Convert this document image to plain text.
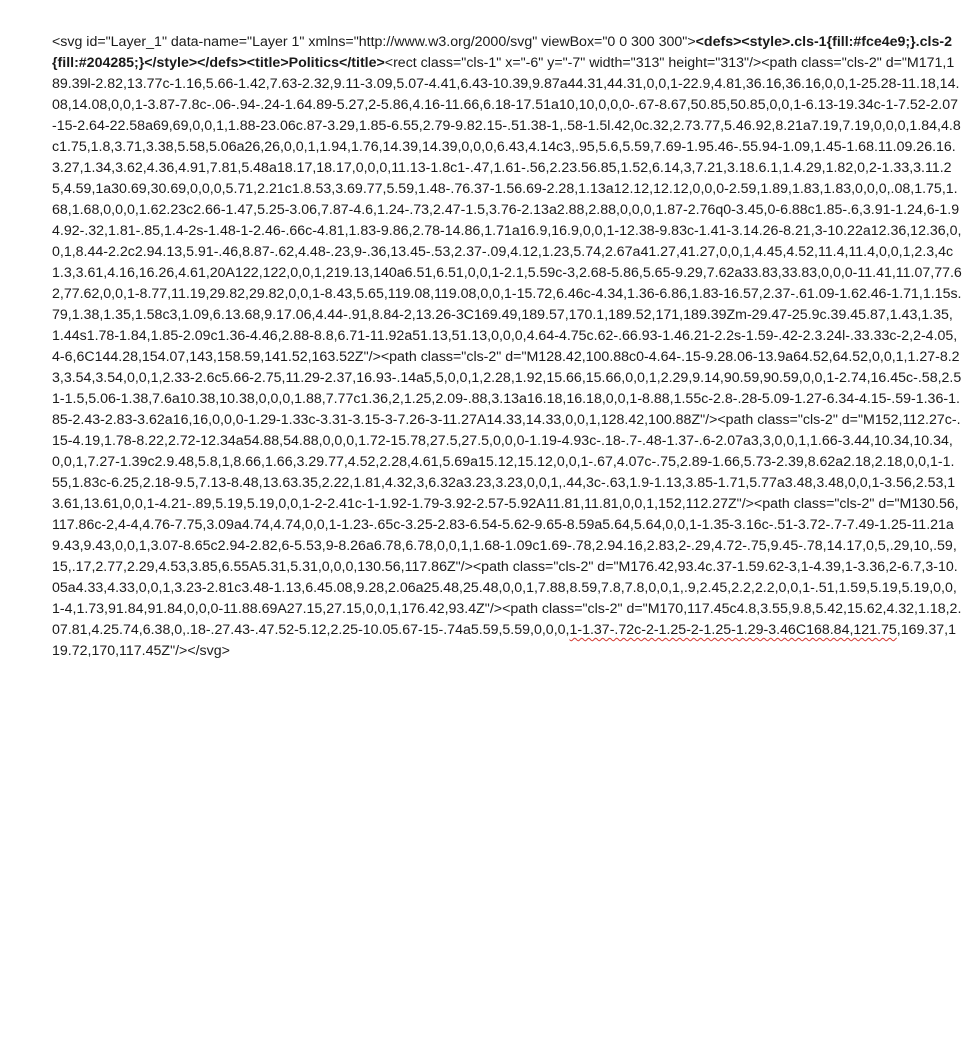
<svg id="Layer_1" data-name="Layer 1" xmlns="http://www.w3.org/2000/svg" viewBox="0 0 300 300"><defs><style>.cls-1{fill:#fce4e9;}.cls-2{fill:#204285;}</style></defs><title>Politics</title><rect class="cls-1" x="-6" y="-7" width="313" height="313"/><path class="cls-2" d="M171,189.39l-2.82,13.77c-1.16,5.66-1.42,7.63-2.32,9.11-3.09,5.07-4.41,6.43-10.39,9.87a44.31,44.31,0,0,1-22.9,4.81,36.16,36.16,0,0,1-25.28-11.18,14.08,14.08,0,0,1-3.87-7.8c-.06-.94-.24-1.64.89-5.27,2-5.86,4.16-11.66,6.18-17.51a10,10,0,0,0-.67-8.67,50.85,50.85,0,0,1-6.13-19.34c-1-7.52-2.07-15-2.64-22.58a69,69,0,0,1,1.88-23.06c.87-3.29,1.85-6.55,2.79-9.82.15-.51.38-1,.58-1.5l.42,0c.32,2.73.77,5.46.92,8.21a7.19,7.19,0,0,0,1.84,4.8c1.75,1.8,3.71,3.38,5.58,5.06a26,26,0,0,1,1.94,1.76,14.39,14.39,0,0,0,6.43,4.14c3,.95,5.6,5.59,7.69-1.95.46-.55.94-1.09,1.45-1.68.11.09.26.16.3.27,1.34,3.62,4.36,4.91,7.81,5.48a18.17,18.17,0,0,0,11.13-1.8c1-.47,1.61-.56,2.23.56.85,1.52,6.14,3,7.21,3.18.6.1,1.4.29,1.82,0,2-1.33,3.11.25,4.59,1a30.69,30.69,0,0,0,5.71,2.21c1.8.53,3.69.77,5.59,1.48-.76.37-1.56.69-2.28,1.13a12.12,12.12,0,0,0-2.59,1.89,1.83,1.83,0,0,0,.08,1.75,1.68,1.68,0,0,0,1.62.23c2.66-1.47,5.25-3.06,7.87-4.6,1.24-.73,2.47-1.5,3.76-2.13a2.88,2.88,0,0,0,1.87-2.76q0-3.45,0-6.88c1.85-.6,3.91-1.24,6-1.94.92-.32,1.81-.85,1.4-2s-1.48-1-2.46-.66c-4.81,1.83-9.86,2.78-14.86,1.71a16.9,16.9,0,0,1-12.38-9.83c-1.41-3.14.26-8.21,3-10.22a12.36,12.36,0,0,1,8.44-2.2c2.94.13,5.91-.46,8.87-.62,4.48-.23,9-.36,13.45-.53,2.37-.09,4.12,1.23,5.74,2.67a41.27,41.27,0,0,1,4.45,4.52,11.4,11.4,0,0,1,2.3,4c1.3,3.61,4.16,16.26,4.61,20A122,122,0,0,1,219.13,140a6.51,6.51,0,0,1-2.1,5.59c-3,2.68-5.86,5.65-9.29,7.62a33.83,33.83,0,0,0-11.41,11.07,77.62,77.62,0,0,1-8.77,11.19,29.82,29.82,0,0,1-8.43,5.65,119.08,119.08,0,0,1-15.72,6.46c-4.34,1.36-6.86,1.83-16.57,2.37-.61.09-1.62.46-1.71,1.15s.79,1.38,1.35,1.58c3,1.09,6.13.68,9.17.06,4.44-.91,8.84-2,13.26-3C169.49,189.57,170.1,189.52,171,189.39Zm-29.47-25.9c.39.45.87,1.43,1.35,1.44s1.78-1.84,1.85-2.09c1.36-4.46,2.88-8.8,6.71-11.92a51.13,51.13,0,0,0,4.64-4.75c.62-.66.93-1.46.21-2.2s-1.59-.42-2.3.24l-.33.33c-2,2-4.05,4-6,6C144.28,154.07,143,158.59,141.52,163.52Z"/><path class="cls-2" d="M128.42,100.88c0-4.64-.15-9.28.06-13.9a64.52,64.52,0,0,1,1.27-8.23,3.54,3.54,0,0,1,2.33-2.6c5.66-2.75,11.29-2.37,16.93-.14a5,5,0,0,1,2.28,1.92,15.66,15.66,0,0,1,2.29,9.14,90.59,90.59,0,0,1-2.74,16.45c-.58,2.51-1.5,5.06-1.38,7.6a10.38,10.38,0,0,0,1.88,7.77c1.36,2,1.25,2.09-.88,3.13a16.18,16.18,0,0,1-8.88,1.55c-2.8-.28-5.09-1.27-6.34-4.15-.59-1.36-1.85-2.43-2.83-3.62a16,16,0,0,0-1.29-1.33c-3.31-3.15-3-7.26-3-11.27A14.33,14.33,0,0,1,128.42,100.88Z"/><path class="cls-2" d="M152,112.27c-.15-4.19,1.78-8.22,2.72-12.34a54.88,54.88,0,0,0,1.72-15.78,27.5,27.5,0,0,0-1.19-4.93c-.18-.7-.48-1.37-.6-2.07a3,3,0,0,1,1.66-3.44,10.34,10.34,0,0,1,7.27-1.39c2.9.48,5.8,1,8.66,1.66,3.29.77,4.52,2.28,4.61,5.69a15.12,15.12,0,0,1-.67,4.07c-.75,2.89-1.66,5.73-2.39,8.62a2.18,2.18,0,0,1-1.55,1.83c-6.25,2.18-9.5,7.13-8.48,13.63.35,2.22,1.81,4.32,3,6.32a3.23,3.23,0,0,1,.44,3c-.63,1.9-1.13,3.85-1.71,5.77a3.48,3.48,0,0,1-3.56,2.53,13.61,13.61,0,0,1-4.21-.89,5.19,5.19,0,0,1-2-2.41c-1-1.92-1.79-3.92-2.57-5.92A11.81,11.81,0,0,1,152,112.27Z"/><path class="cls-2" d="M130.56,117.86c-2,4-4,4.76-7.75,3.09a4.74,4.74,0,0,1-1.23-.65c-3.25-2.83-6.54-5.62-9.65-8.59a5.64,5.64,0,0,1-1.35-3.16c-.51-3.72-.7-7.49-1.25-11.21a9.43,9.43,0,0,1,3.07-8.65c2.94-2.82,6-5.53,9-8.26a6.78,6.78,0,0,1,1.68-1.09c1.69-.78,2.94.16,2.83,2-.29,4.72-.75,9.45-.78,14.17,0,5,.29,10,.59,15,.17,2.77,2.29,4.53,3.85,6.55A5.31,5.31,0,0,0,130.56,117.86Z"/><path class="cls-2" d="M176.42,93.4c.37-1.59.62-3,1-4.39,1-3.36,2-6.7,3-10.05a4.33,4.33,0,0,1,3.23-2.81c3.48-1.13,6.45.08,9.28,2.06a25.48,25.48,0,0,1,7.88,8.59,7.8,7.8,0,0,1,.9,2.45,2.2,2.2,0,0,1-.51,1.59,5.19,5.19,0,0,1-4,1.73,91.84,91.84,0,0,0-11.88.69A27.15,27.15,0,0,1,176.42,93.4Z"/><path class="cls-2" d="M170,117.45c4.8,3.55,9.8,5.42,15.62,4.32,1.18,2.07.81,4.25.74,6.38,0,.18-.27.43-.47.52-5.12,2.25-10.05.67-15-.74a5.59,5.59,0,0,0,1-1.37-.72c-2-1.25-2-1.25-1.29-3.46C168.84,121.75,169.37,119.72,170,117.45Z"/></svg>
